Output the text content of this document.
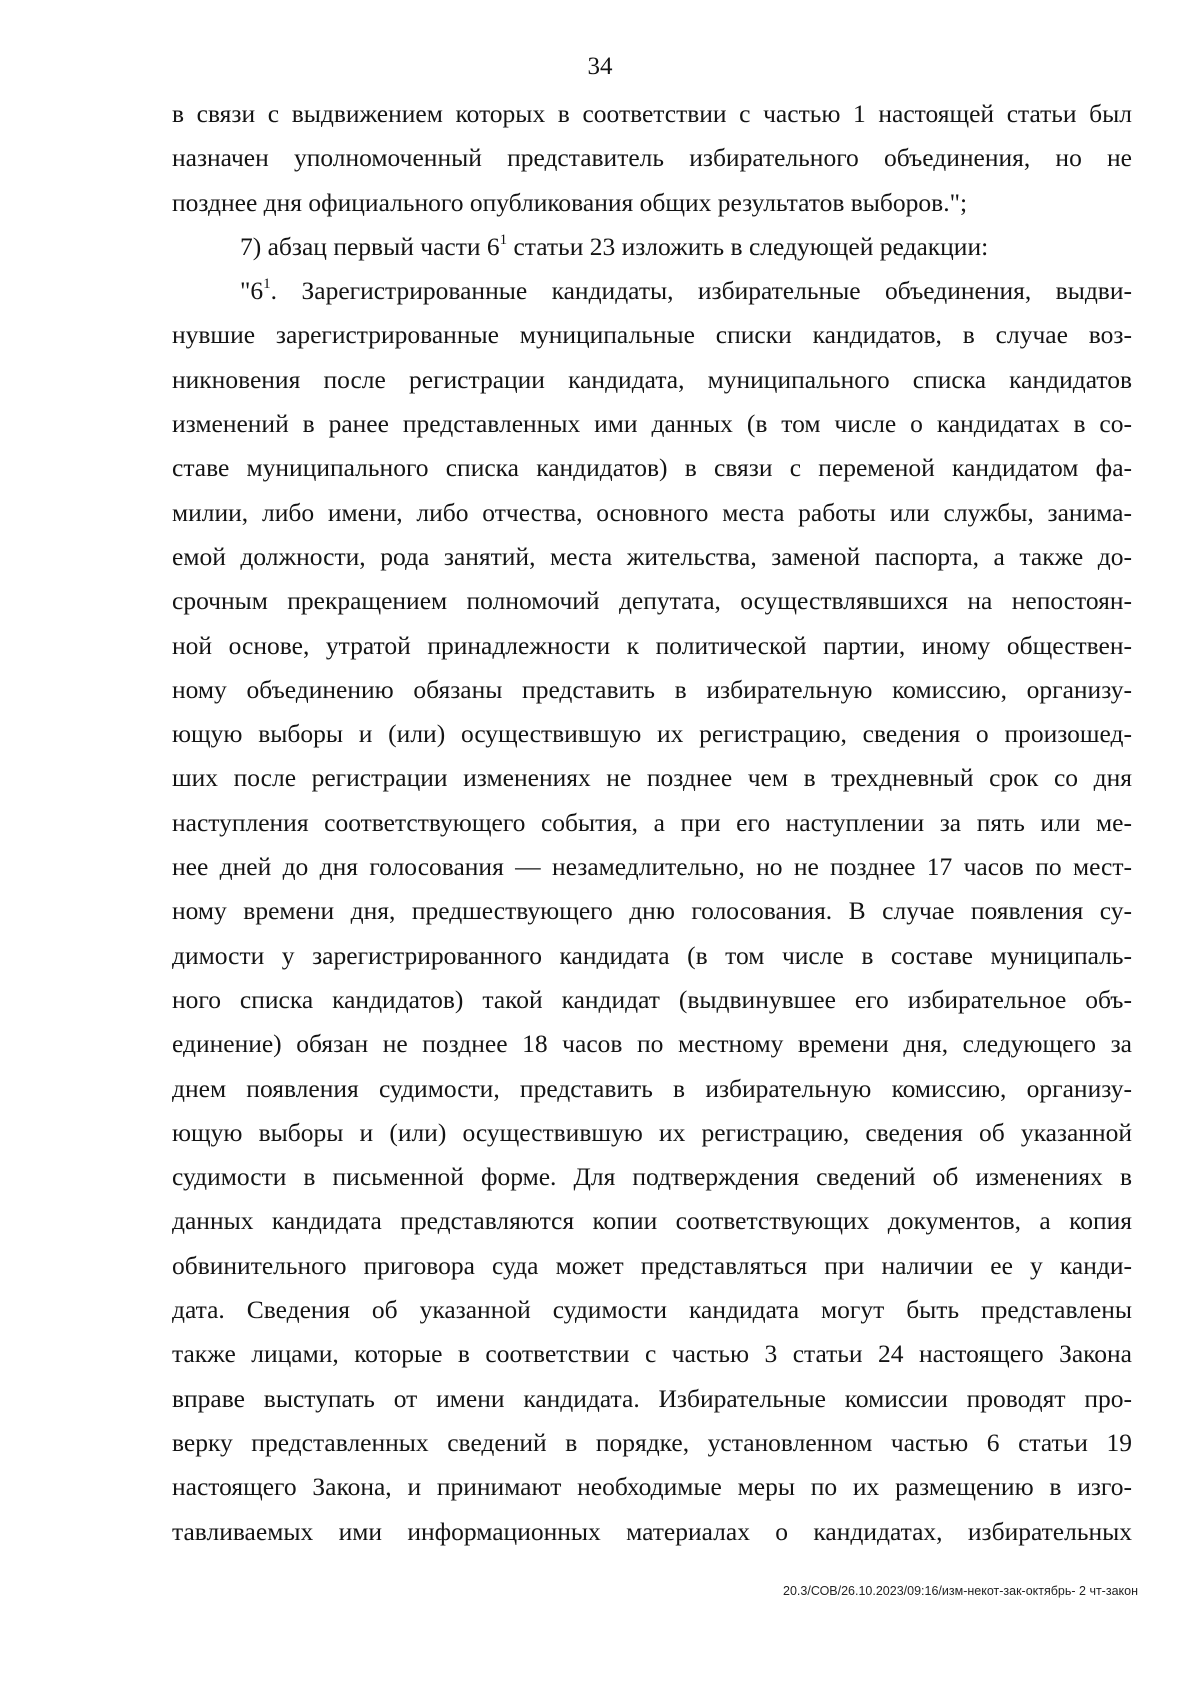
34
в связи с выдвижением которых в соответствии с частью 1 настоящей статьи был
назначен уполномоченный представитель избирательного объединения, но не
позднее дня официального опубликования общих результатов выборов.";
7) абзац первый части $6^1$ статьи 23 изложить в следующей редакции:
"$6^1$. Зарегистрированные кандидаты, избирательные объединения, выдви-
нувшие зарегистрированные муниципальные списки кандидатов, в случае воз-
никновения после регистрации кандидата, муниципального списка кандидатов
изменений в ранее представленных ими данных (в том числе о кандидатах в со-
ставе муниципального списка кандидатов) в связи с переменой кандидатом фа-
милии, либо имени, либо отчества, основного места работы или службы, занима-
емой должности, рода занятий, места жительства, заменой паспорта, а также до-
срочным прекращением полномочий депутата, осуществлявшихся на непостоян-
ной основе, утратой принадлежности к политической партии, иному обществен-
ному объединению обязаны представить в избирательную комиссию, организу-
ющую выборы и (или) осуществившую их регистрацию, сведения о произошед-
ших после регистрации изменениях не позднее чем в трехдневный срок со дня
наступления соответствующего события, а при его наступлении за пять или ме-
нее дней до дня голосования — незамедлительно, но не позднее 17 часов по мест-
ному времени дня, предшествующего дню голосования. В случае появления су-
димости у зарегистрированного кандидата (в том числе в составе муниципаль-
ного списка кандидатов) такой кандидат (выдвинувшее его избирательное объ-
единение) обязан не позднее 18 часов по местному времени дня, следующего за
днем появления судимости, представить в избирательную комиссию, организу-
ющую выборы и (или) осуществившую их регистрацию, сведения об указанной
судимости в письменной форме. Для подтверждения сведений об изменениях в
данных кандидата представляются копии соответствующих документов, а копия
обвинительного приговора суда может представляться при наличии ее у канди-
дата. Сведения об указанной судимости кандидата могут быть представлены
также лицами, которые в соответствии с частью 3 статьи 24 настоящего Закона
вправе выступать от имени кандидата. Избирательные комиссии проводят про-
верку представленных сведений в порядке, установленном частью 6 статьи 19
настоящего Закона, и принимают необходимые меры по их размещению в изго-
тавливаемых ими информационных материалах о кандидатах, избирательных
20.3/СОВ/26.10.2023/09:16/изм-некот-зак-октябрь- 2 чт-закон
